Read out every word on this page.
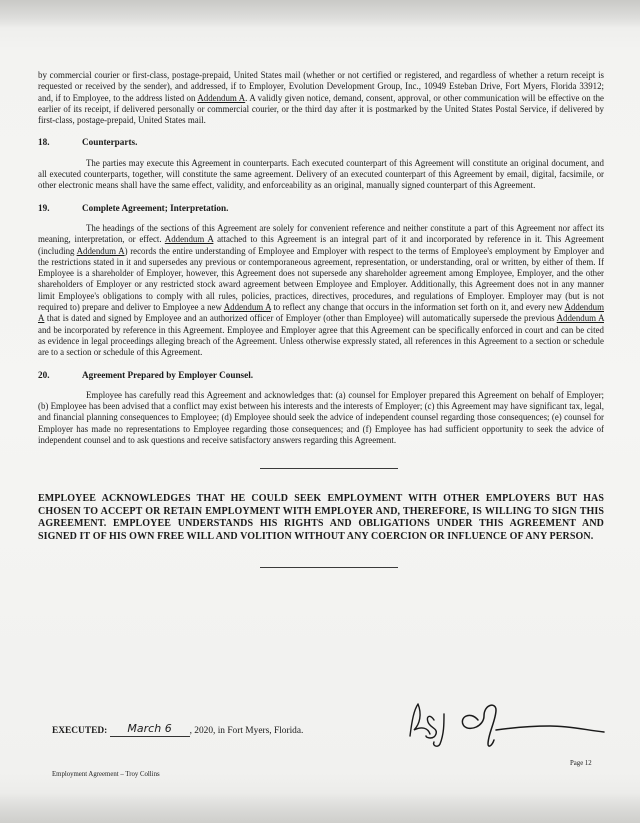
by commercial courier or first-class, postage-prepaid, United States mail (whether or not certified or registered, and regardless of whether a return receipt is requested or received by the sender), and addressed, if to Employer, Evolution Development Group, Inc., 10949 Esteban Drive, Fort Myers, Florida 33912; and, if to Employee, to the address listed on Addendum A. A validly given notice, demand, consent, approval, or other communication will be effective on the earlier of its receipt, if delivered personally or commercial courier, or the third day after it is postmarked by the United States Postal Service, if delivered by first-class, postage-prepaid, United States mail.

18.	Counterparts.

The parties may execute this Agreement in counterparts. Each executed counterpart of this Agreement will constitute an original document, and all executed counterparts, together, will constitute the same agreement. Delivery of an executed counterpart of this Agreement by email, digital, facsimile, or other electronic means shall have the same effect, validity, and enforceability as an original, manually signed counterpart of this Agreement.

19.	Complete Agreement; Interpretation.

The headings of the sections of this Agreement are solely for convenient reference and neither constitute a part of this Agreement nor affect its meaning, interpretation, or effect. Addendum A attached to this Agreement is an integral part of it and incorporated by reference in it. This Agreement (including Addendum A) records the entire understanding of Employee and Employer with respect to the terms of Employee's employment by Employer and the restrictions stated in it and supersedes any previous or contemporaneous agreement, representation, or understanding, oral or written, by either of them. If Employee is a shareholder of Employer, however, this Agreement does not supersede any shareholder agreement among Employee, Employer, and the other shareholders of Employer or any restricted stock award agreement between Employee and Employer. Additionally, this Agreement does not in any manner limit Employee's obligations to comply with all rules, policies, practices, directives, procedures, and regulations of Employer. Employer may (but is not required to) prepare and deliver to Employee a new Addendum A to reflect any change that occurs in the information set forth on it, and every new Addendum A that is dated and signed by Employee and an authorized officer of Employer (other than Employee) will automatically supersede the previous Addendum A and be incorporated by reference in this Agreement. Employee and Employer agree that this Agreement can be specifically enforced in court and can be cited as evidence in legal proceedings alleging breach of the Agreement. Unless otherwise expressly stated, all references in this Agreement to a section or schedule are to a section or schedule of this Agreement.

20.	Agreement Prepared by Employer Counsel.

Employee has carefully read this Agreement and acknowledges that: (a) counsel for Employer prepared this Agreement on behalf of Employer; (b) Employee has been advised that a conflict may exist between his interests and the interests of Employer; (c) this Agreement may have significant tax, legal, and financial planning consequences to Employee; (d) Employee should seek the advice of independent counsel regarding those consequences; (e) counsel for Employer has made no representations to Employee regarding those consequences; and (f) Employee has had sufficient opportunity to seek the advice of independent counsel and to ask questions and receive satisfactory answers regarding this Agreement.

EMPLOYEE ACKNOWLEDGES THAT HE COULD SEEK EMPLOYMENT WITH OTHER EMPLOYERS BUT HAS CHOSEN TO ACCEPT OR RETAIN EMPLOYMENT WITH EMPLOYER AND, THEREFORE, IS WILLING TO SIGN THIS AGREEMENT. EMPLOYEE UNDERSTANDS HIS RIGHTS AND OBLIGATIONS UNDER THIS AGREEMENT AND SIGNED IT OF HIS OWN FREE WILL AND VOLITION WITHOUT ANY COERCION OR INFLUENCE OF ANY PERSON.

EXECUTED: March 6 , 2020, in Fort Myers, Florida.
Employment Agreement – Troy Collins
Page 12
